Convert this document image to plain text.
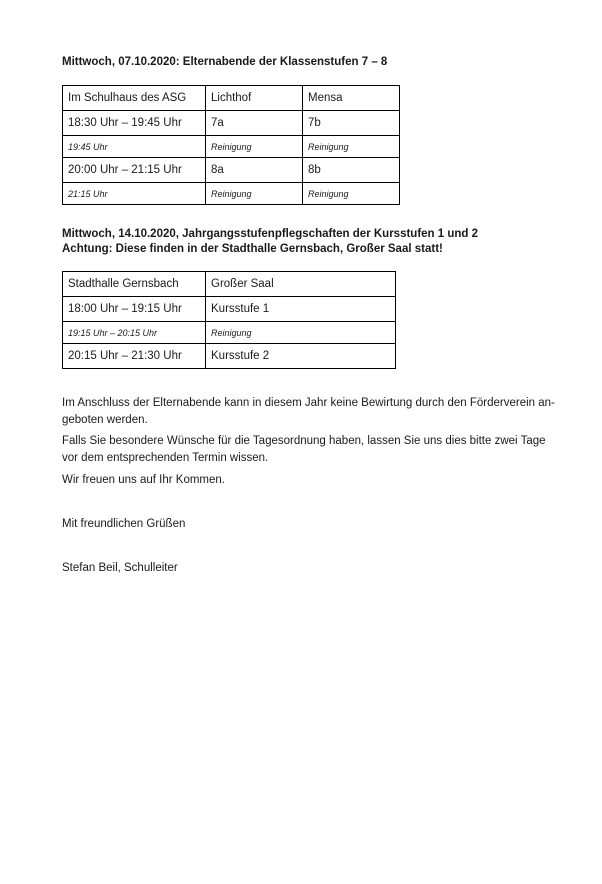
Mittwoch, 07.10.2020: Elternabende der Klassenstufen 7 – 8
Im Schulhaus des ASG	Lichthof	Mensa
18:30 Uhr – 19:45 Uhr	7a	7b
19:45 Uhr	Reinigung	Reinigung
20:00 Uhr – 21:15 Uhr	8a	8b
21:15 Uhr	Reinigung	Reinigung
Mittwoch, 14.10.2020, Jahrgangsstufenpflegschaften der Kursstufen 1 und 2
Achtung: Diese finden in der Stadthalle Gernsbach, Großer Saal statt!
Stadthalle Gernsbach	Großer Saal
18:00 Uhr – 19:15 Uhr	Kursstufe 1
19:15 Uhr – 20:15 Uhr	Reinigung
20:15 Uhr – 21:30 Uhr	Kursstufe 2
Im Anschluss der Elternabende kann in diesem Jahr keine Bewirtung durch den Förderverein an-
geboten werden.
Falls Sie besondere Wünsche für die Tagesordnung haben, lassen Sie uns dies bitte zwei Tage
vor dem entsprechenden Termin wissen.
Wir freuen uns auf Ihr Kommen.
Mit freundlichen Grüßen
Stefan Beil, Schulleiter
